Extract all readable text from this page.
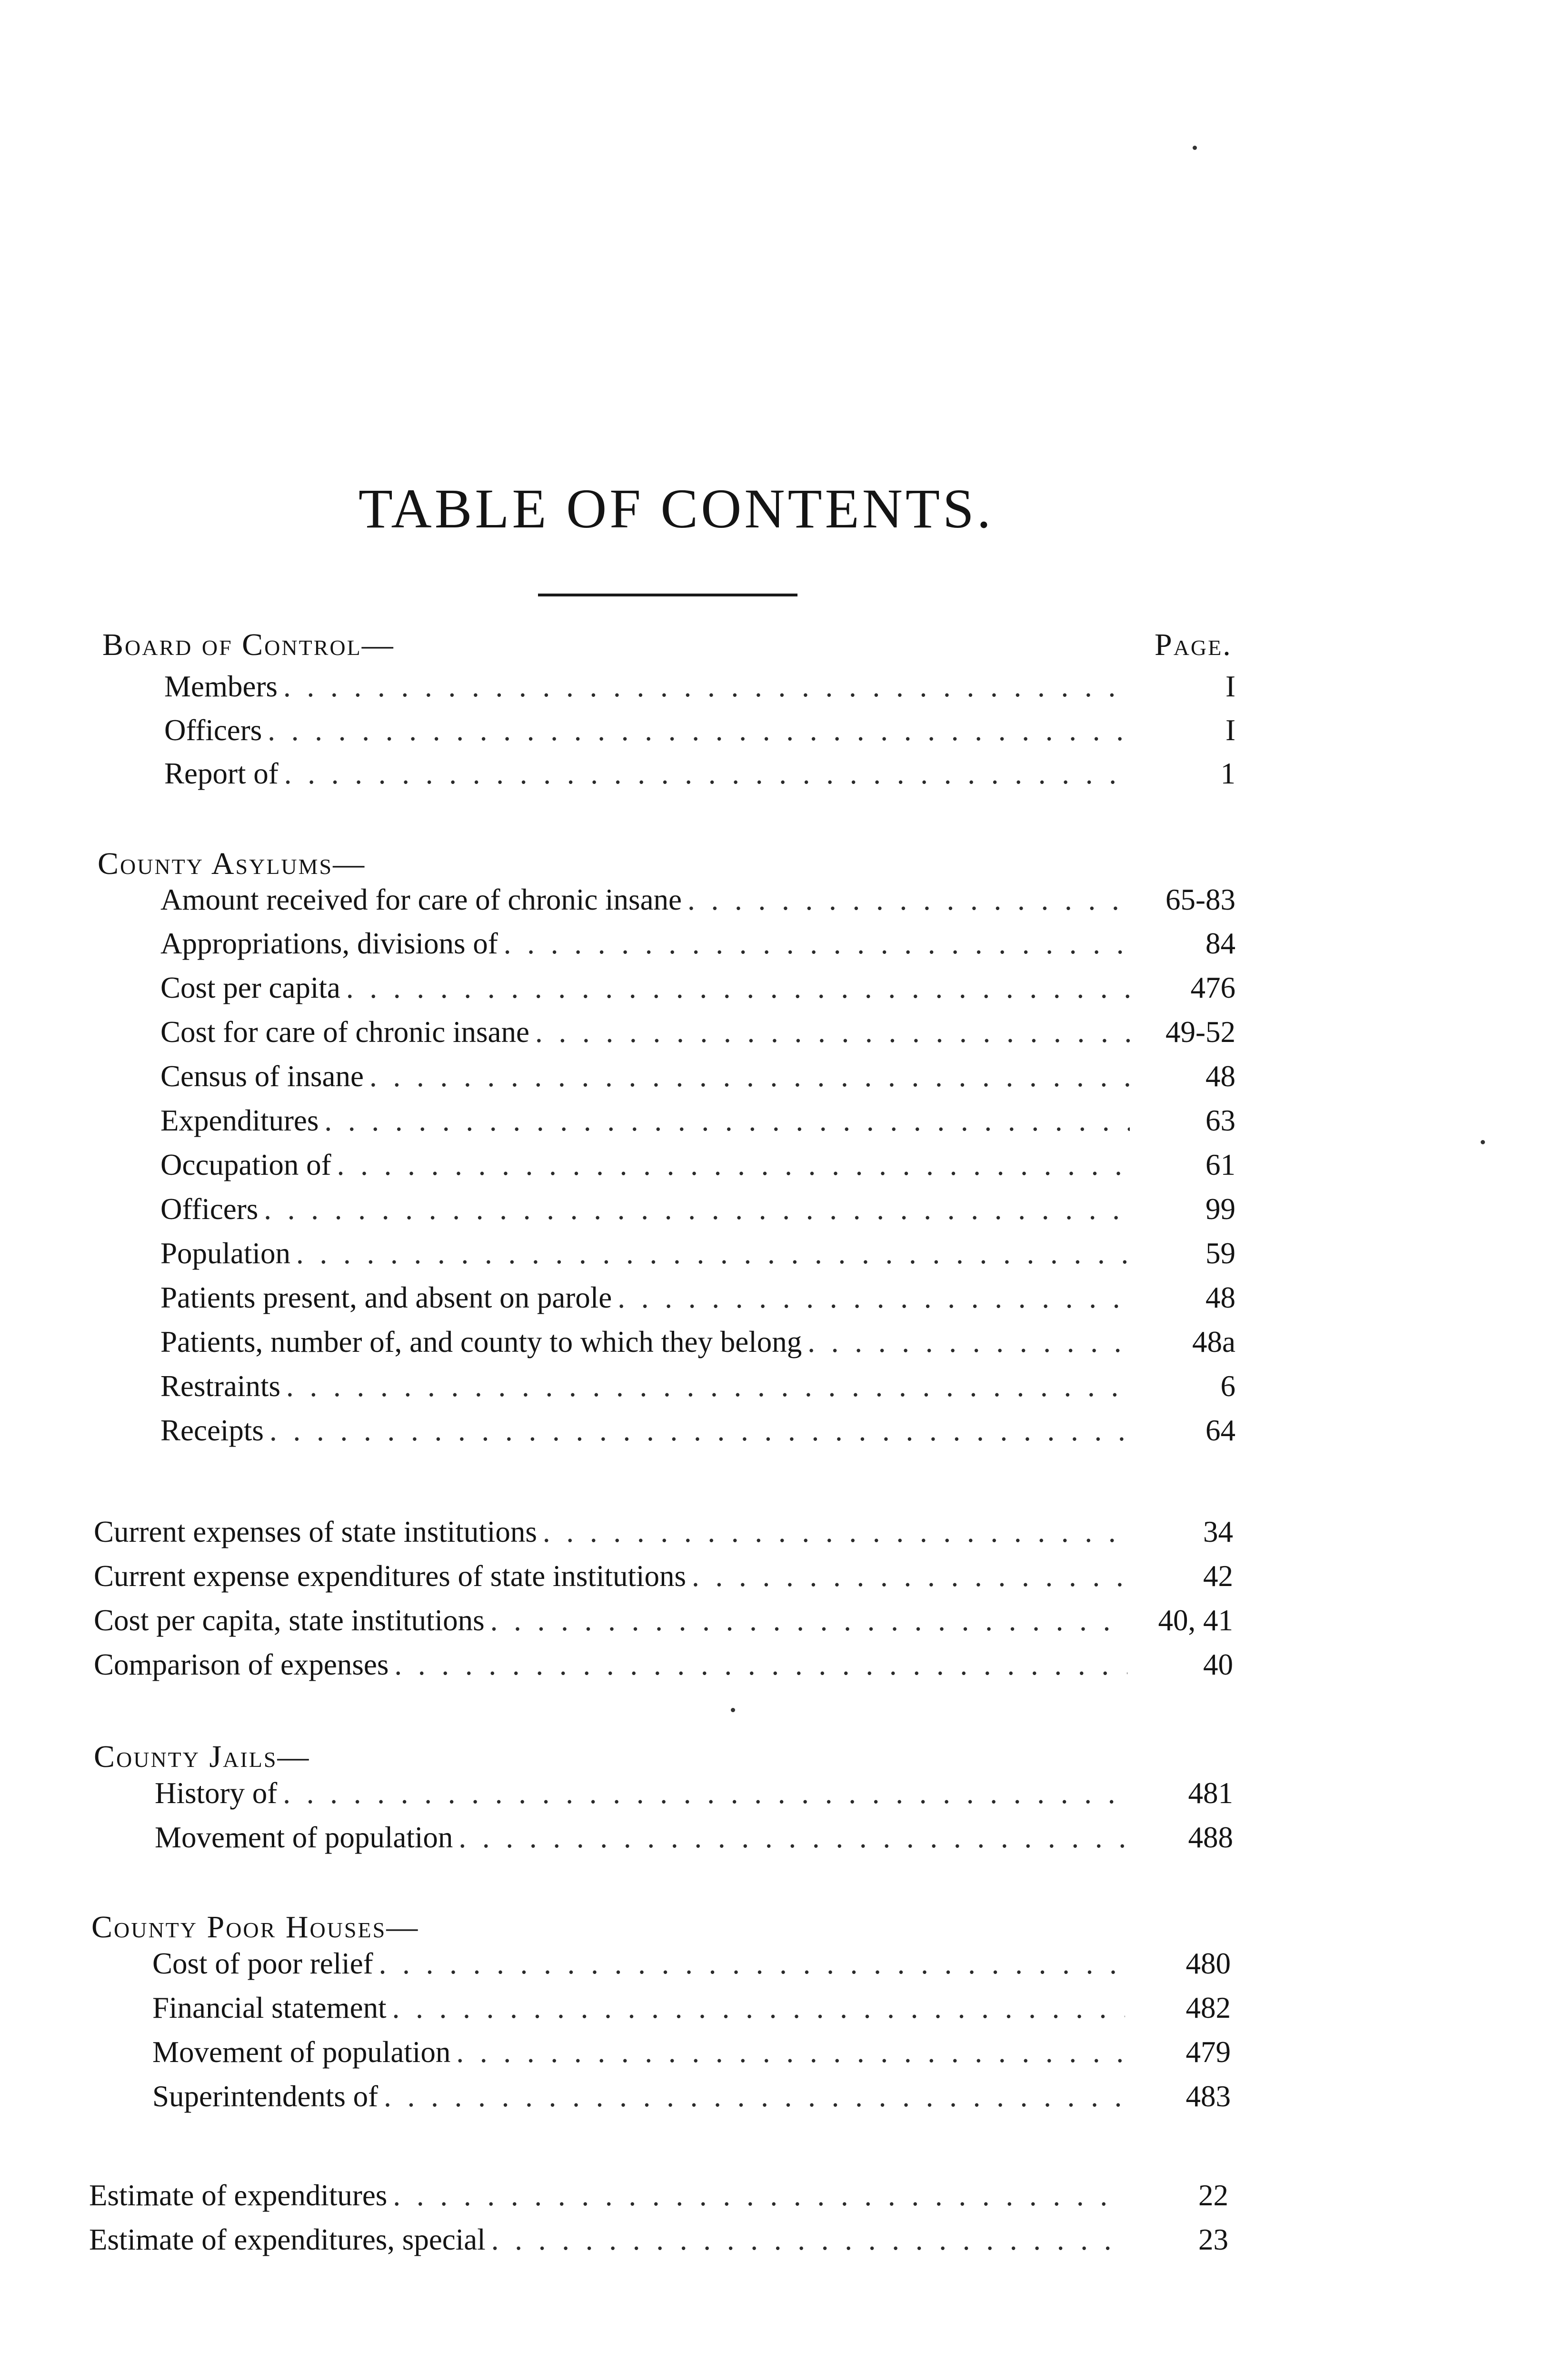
TABLE OF CONTENTS.
Board of Control—	Page.
Members . . .	I
Officers . . .	I
Report of . . .	1
County Asylums—
Amount received for care of chronic insane . . .	65-83
Appropriations, divisions of . . .	84
Cost per capita . . .	476
Cost for care of chronic insane . . .	49-52
Census of insane . . .	48
Expenditures . . .	63
Occupation of . . .	61
Officers . . .	99
Population . . .	59
Patients present, and absent on parole . . .	48
Patients, number of, and county to which they belong . . .	48a
Restraints . . .	6
Receipts . . .	64
Current expenses of state institutions . . .	34
Current expense expenditures of state institutions . . .	42
Cost per capita, state institutions . . .	40, 41
Comparison of expenses . . .	40
County Jails—
History of . . .	481
Movement of population . . .	488
County Poor Houses—
Cost of poor relief . . .	480
Financial statement . . .	482
Movement of population . . .	479
Superintendents of . . .	483
Estimate of expenditures . . .	22
Estimate of expenditures, special . . .	23
